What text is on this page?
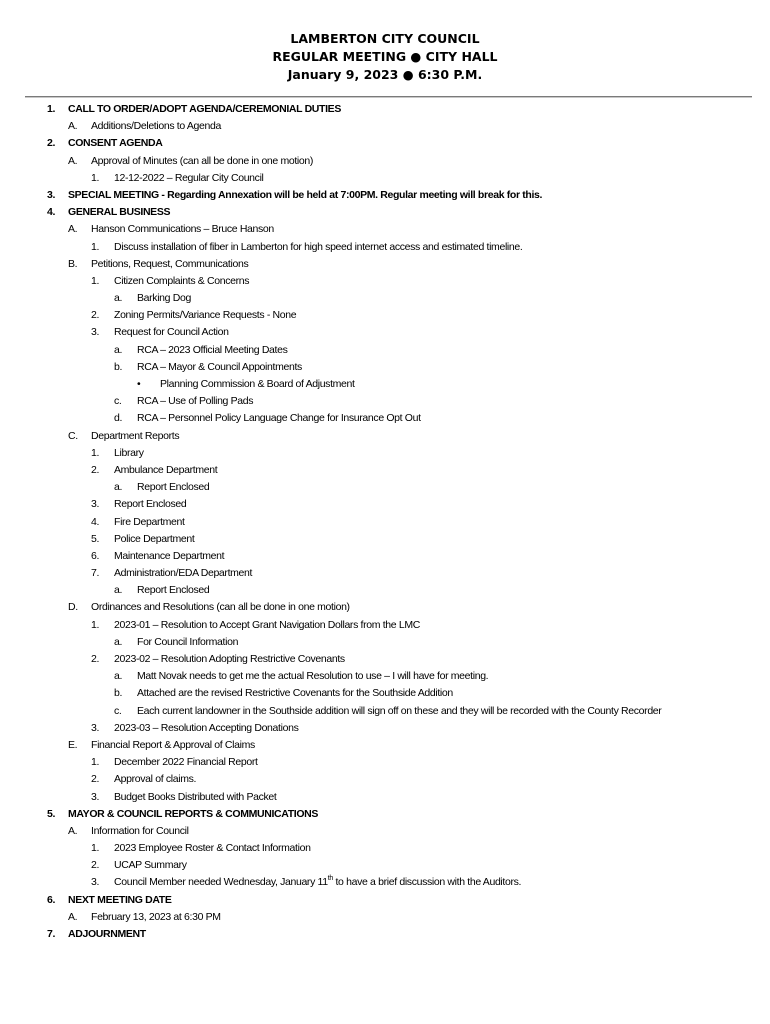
LAMBERTON CITY COUNCIL
REGULAR MEETING ● CITY HALL
January 9, 2023 ● 6:30 P.M.
1. CALL TO ORDER/ADOPT AGENDA/CEREMONIAL DUTIES
A. Additions/Deletions to Agenda
2. CONSENT AGENDA
A. Approval of Minutes (can all be done in one motion)
1. 12-12-2022 – Regular City Council
3. SPECIAL MEETING - Regarding Annexation will be held at 7:00PM. Regular meeting will break for this.
4. GENERAL BUSINESS
A. Hanson Communications – Bruce Hanson
1. Discuss installation of fiber in Lamberton for high speed internet access and estimated timeline.
B. Petitions, Request, Communications
1. Citizen Complaints & Concerns
a. Barking Dog
2. Zoning Permits/Variance Requests - None
3. Request for Council Action
a. RCA – 2023 Official Meeting Dates
b. RCA – Mayor & Council Appointments
• Planning Commission & Board of Adjustment
c. RCA – Use of Polling Pads
d. RCA – Personnel Policy Language Change for Insurance Opt Out
C. Department Reports
1. Library
2. Ambulance Department
a. Report Enclosed
3. Report Enclosed
4. Fire Department
5. Police Department
6. Maintenance Department
7. Administration/EDA Department
a. Report Enclosed
D. Ordinances and Resolutions (can all be done in one motion)
1. 2023-01 – Resolution to Accept Grant Navigation Dollars from the LMC
a. For Council Information
2. 2023-02 – Resolution Adopting Restrictive Covenants
a. Matt Novak needs to get me the actual Resolution to use – I will have for meeting.
b. Attached are the revised Restrictive Covenants for the Southside Addition
c. Each current landowner in the Southside addition will sign off on these and they will be recorded with the County Recorder
3. 2023-03 – Resolution Accepting Donations
E. Financial Report & Approval of Claims
1. December 2022 Financial Report
2. Approval of claims.
3. Budget Books Distributed with Packet
5. MAYOR & COUNCIL REPORTS & COMMUNICATIONS
A. Information for Council
1. 2023 Employee Roster & Contact Information
2. UCAP Summary
3. Council Member needed Wednesday, January 11th to have a brief discussion with the Auditors.
6. NEXT MEETING DATE
A. February 13, 2023 at 6:30 PM
7. ADJOURNMENT
